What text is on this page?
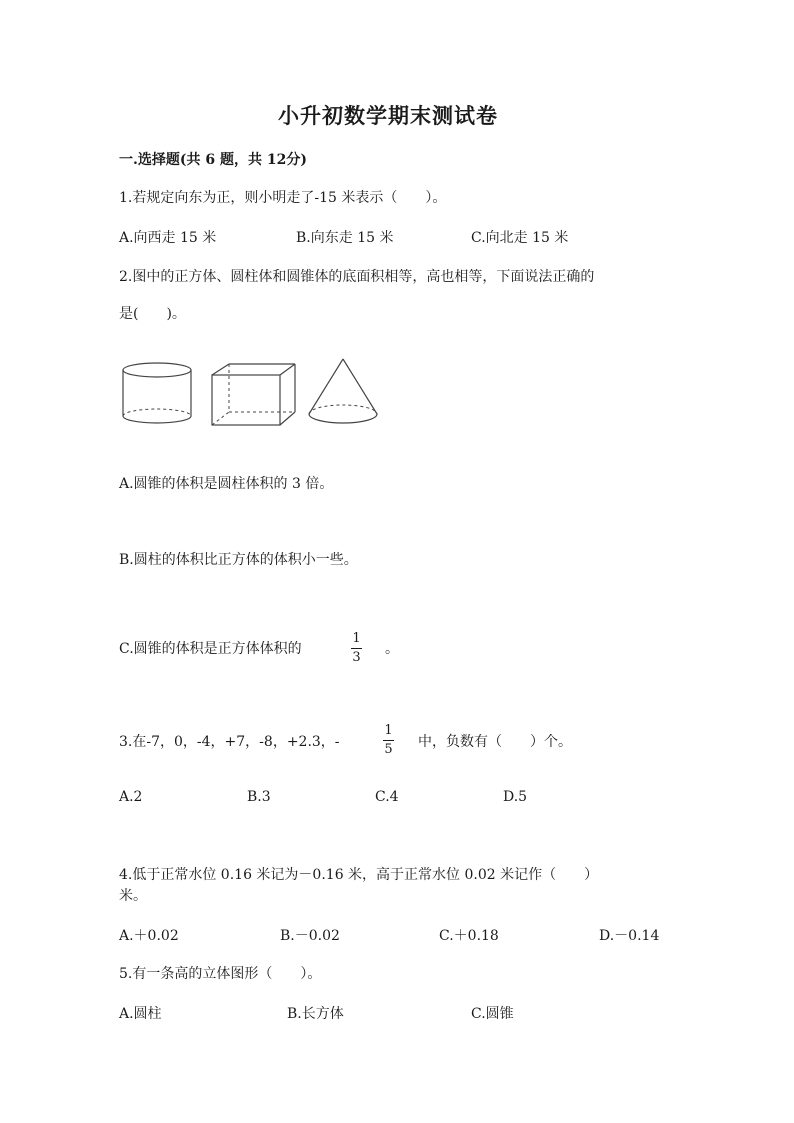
小升初数学期末测试卷
一.选择题(共 6 题，共 12分)
1.若规定向东为正，则小明走了-15 米表示（　　）。
A.向西走 15 米	B.向东走 15 米	C.向北走 15 米
2.图中的正方体、圆柱体和圆锥体的底面积相等，高也相等，下面说法正确的
是(　　)。
A.圆锥的体积是圆柱体积的 3 倍。
B.圆柱的体积比正方体的体积小一些。
C.圆锥的体积是正方体体积的
1
3
。
3.在-7，0，-4，+7，-8，+2.3，-
1
5 中，负数有（　　）个。
A.2	B.3	C.4	D.5
4.低于正常水位 0.16 米记为－0.16 米，高于正常水位 0.02 米记作（　　）
米。
A.＋0.02	B.－0.02	C.＋0.18	D.－0.14
5.有一条高的立体图形（　　）。
A.圆柱	B.长方体	C.圆锥
